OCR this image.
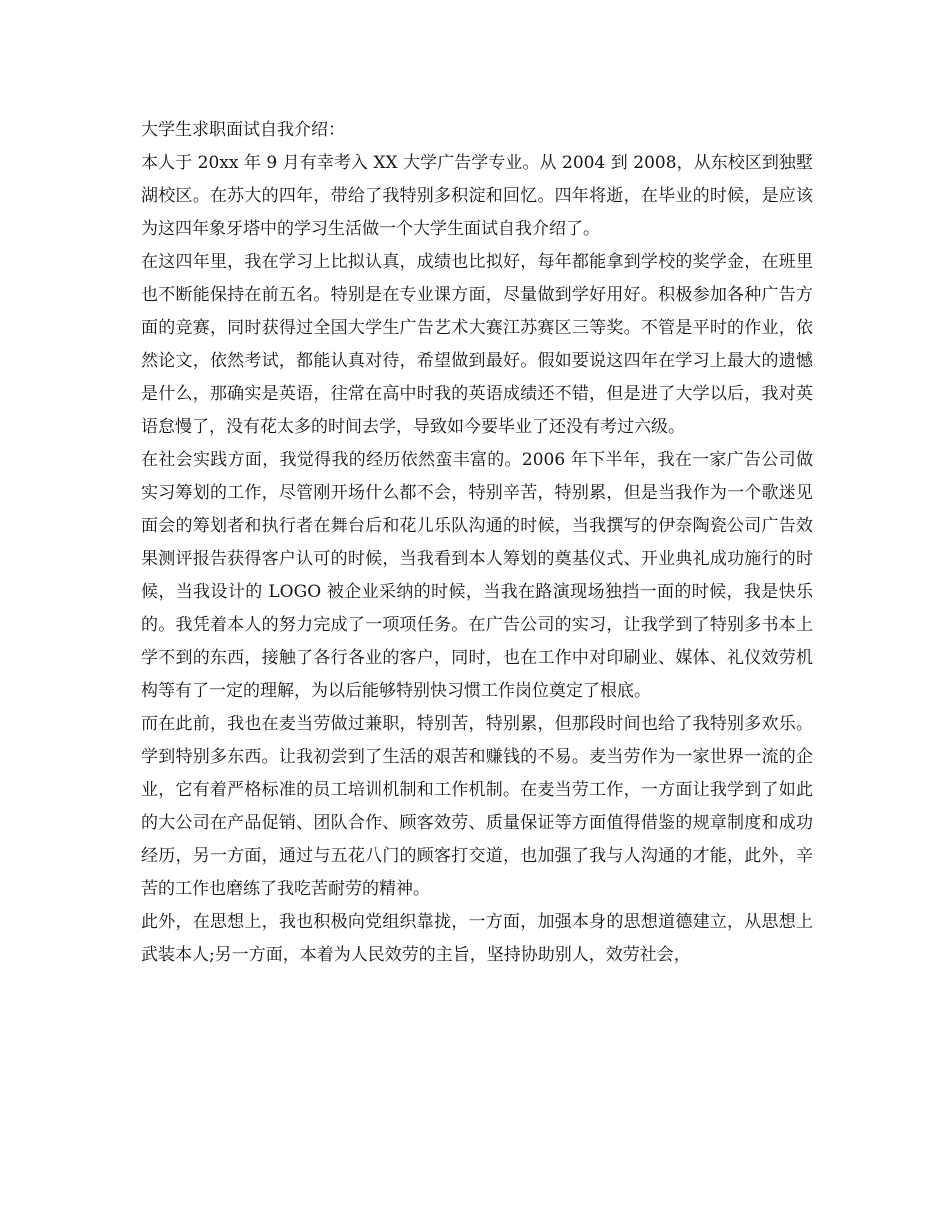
大学生求职面试自我介绍：

本人于 20xx 年 9 月有幸考入 XX 大学广告学专业。从 2004 到 2008，从东校区到独墅湖校区。在苏大的四年，带给了我特别多积淀和回忆。四年将逝，在毕业的时候，是应该为这四年象牙塔中的学习生活做一个大学生面试自我介绍了。

在这四年里，我在学习上比拟认真，成绩也比拟好，每年都能拿到学校的奖学金，在班里也不断能保持在前五名。特别是在专业课方面，尽量做到学好用好。积极参加各种广告方面的竞赛，同时获得过全国大学生广告艺术大赛江苏赛区三等奖。不管是平时的作业，依然论文，依然考试，都能认真对待，希望做到最好。假如要说这四年在学习上最大的遗憾是什么，那确实是英语，往常在高中时我的英语成绩还不错，但是进了大学以后，我对英语怠慢了，没有花太多的时间去学，导致如今要毕业了还没有考过六级。

在社会实践方面，我觉得我的经历依然蛮丰富的。2006 年下半年，我在一家广告公司做实习筹划的工作，尽管刚开场什么都不会，特别辛苦，特别累，但是当我作为一个歌迷见面会的筹划者和执行者在舞台后和花儿乐队沟通的时候，当我撰写的伊奈陶瓷公司广告效果测评报告获得客户认可的时候，当我看到本人筹划的奠基仪式、开业典礼成功施行的时候，当我设计的 LOGO 被企业采纳的时候，当我在路演现场独挡一面的时候，我是快乐的。我凭着本人的努力完成了一项项任务。在广告公司的实习，让我学到了特别多书本上学不到的东西，接触了各行各业的客户，同时，也在工作中对印刷业、媒体、礼仪效劳机构等有了一定的理解，为以后能够特别快习惯工作岗位奠定了根底。

而在此前，我也在麦当劳做过兼职，特别苦，特别累，但那段时间也给了我特别多欢乐。学到特别多东西。让我初尝到了生活的艰苦和赚钱的不易。麦当劳作为一家世界一流的企业，它有着严格标准的员工培训机制和工作机制。在麦当劳工作，一方面让我学到了如此的大公司在产品促销、团队合作、顾客效劳、质量保证等方面值得借鉴的规章制度和成功经历，另一方面，通过与五花八门的顾客打交道，也加强了我与人沟通的才能，此外，辛苦的工作也磨练了我吃苦耐劳的精神。

此外，在思想上，我也积极向党组织靠拢，一方面，加强本身的思想道德建立，从思想上武装本人;另一方面，本着为人民效劳的主旨，坚持协助别人，效劳社会，
